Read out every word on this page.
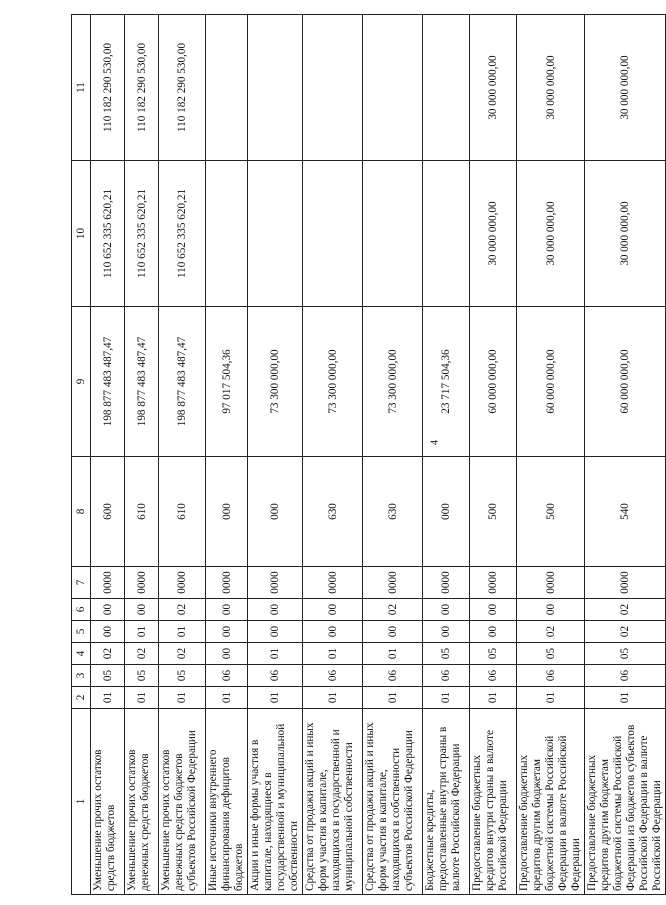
4
1	2	3	4	5	6	7	8	9	10	11
Уменьшение прочих остатков средств бюджетов	01	05	02	00	00	0000	600	198 877 483 487,47	110 652 335 620,21	110 182 290 530,00
Уменьшение прочих остатков денежных средств бюджетов	01	05	02	01	00	0000	610	198 877 483 487,47	110 652 335 620,21	110 182 290 530,00
Уменьшение прочих остатков денежных средств бюджетов субъектов Российской Федерации	01	05	02	01	02	0000	610	198 877 483 487,47	110 652 335 620,21	110 182 290 530,00
Иные источники внутреннего финансирования дефицитов бюджетов	01	06	00	00	00	0000	000	97 017 504,36		
Акции и иные формы участия в капитале, находящиеся в государственной и муниципальной собственности	01	06	01	00	00	0000	000	73 300 000,00		
Средства от продажи акций и иных форм участия в капитале, находящихся в государственной и муниципальной собственности	01	06	01	00	00	0000	630	73 300 000,00		
Средства от продажи акций и иных форм участия в капитале, находящихся в собственности субъектов Российской Федерации	01	06	01	00	02	0000	630	73 300 000,00		
Бюджетные кредиты, предоставленные внутри страны в валюте Российской Федерации	01	06	05	00	00	0000	000	23 717 504,36		
Предоставление бюджетных кредитов внутри страны в валюте Российской Федерации	01	06	05	00	00	0000	500	60 000 000,00	30 000 000,00	30 000 000,00
Предоставление бюджетных кредитов другим бюджетам бюджетной системы Российской Федерации в валюте Российской Федерации	01	06	05	02	00	0000	500	60 000 000,00	30 000 000,00	30 000 000,00
Предоставление бюджетных кредитов другим бюджетам бюджетной системы Российской Федерации из бюджетов субъектов Российской Федерации в валюте Российской Федерации	01	06	05	02	02	0000	540	60 000 000,00	30 000 000,00	30 000 000,00
